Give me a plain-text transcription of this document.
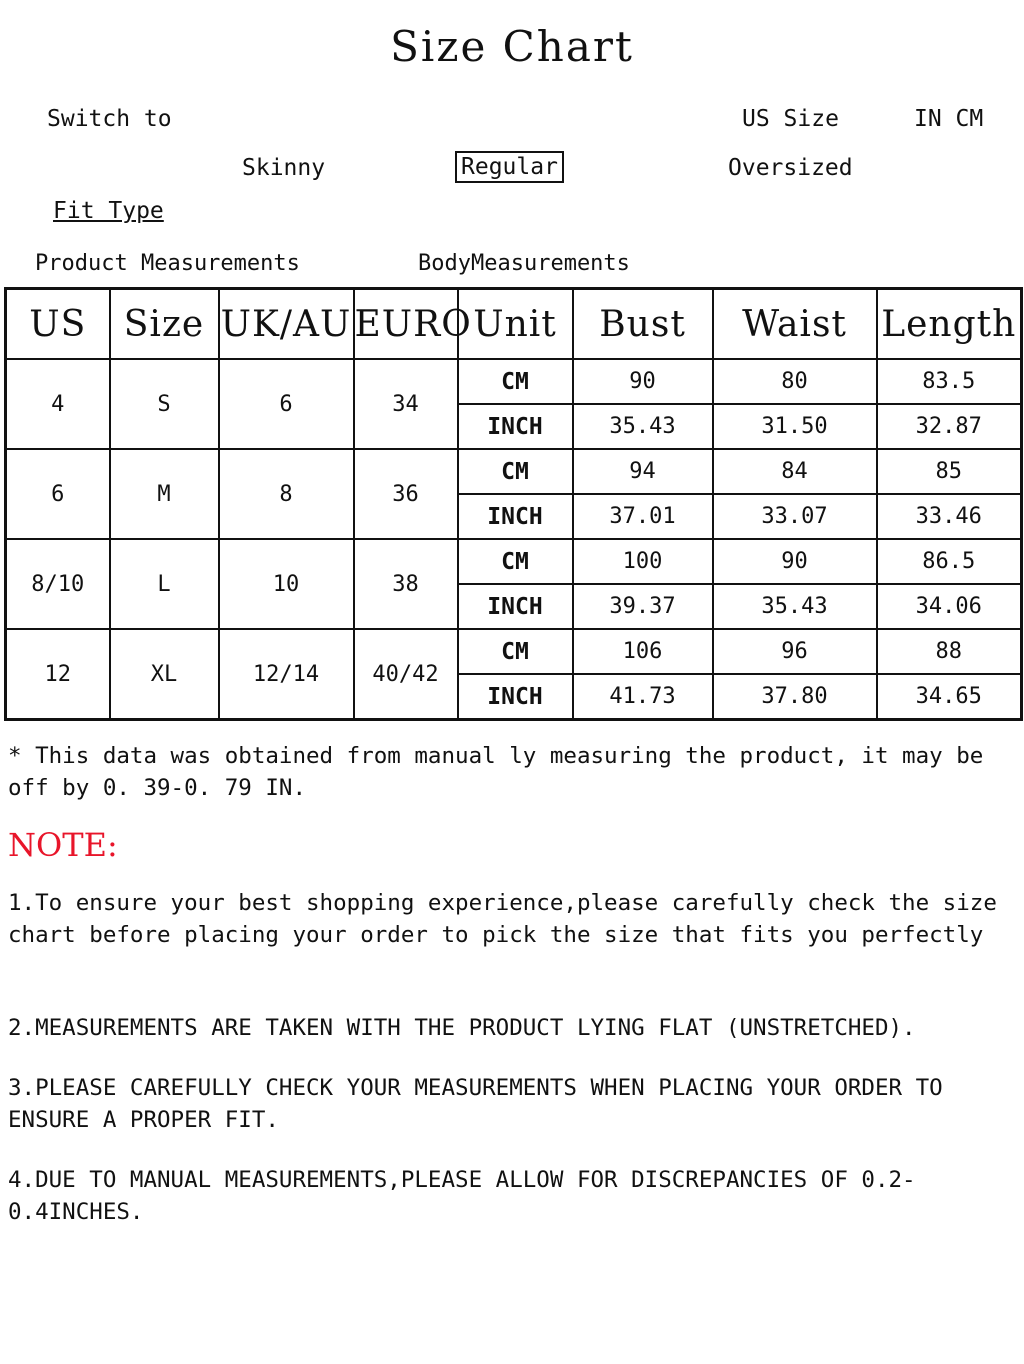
Size Chart
Switch to	US Size	IN CM
Skinny	Regular	Oversized
Fit Type
Product Measurements	BodyMeasurements
US	Size	UK/AU	EURO	Unit	Bust	Waist	Length
4	S	6	34	CM	90	80	83.5
				INCH	35.43	31.50	32.87
6	M	8	36	CM	94	84	85
				INCH	37.01	33.07	33.46
8/10	L	10	38	CM	100	90	86.5
				INCH	39.37	35.43	34.06
12	XL	12/14	40/42	CM	106	96	88
				INCH	41.73	37.80	34.65
* This data was obtained from manual ly measuring the product, it may be off by 0. 39-0. 79 IN.
NOTE:
1.To ensure your best shopping experience,please carefully check the size chart before placing your order to pick the size that fits you perfectly
2.MEASUREMENTS ARE TAKEN WITH THE PRODUCT LYING FLAT (UNSTRETCHED).
3.PLEASE CAREFULLY CHECK YOUR MEASUREMENTS WHEN PLACING YOUR ORDER TO ENSURE A PROPER FIT.
4.DUE TO MANUAL MEASUREMENTS,PLEASE ALLOW FOR DISCREPANCIES OF 0.2-0.4INCHES.
